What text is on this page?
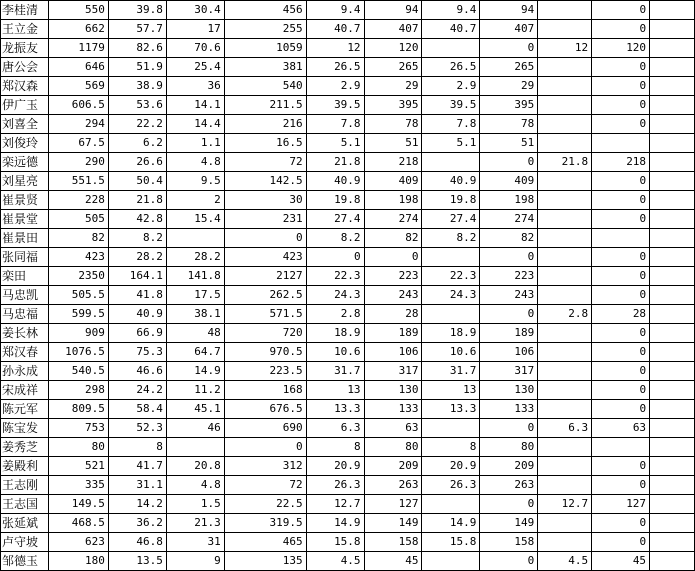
李桂清	550	39.8	30.4	456	9.4	94	9.4	94		0	
王立金	662	57.7	17	255	40.7	407	40.7	407		0	
龙振友	1179	82.6	70.6	1059	12	120		0	12	120	
唐公会	646	51.9	25.4	381	26.5	265	26.5	265		0	
郑汉森	569	38.9	36	540	2.9	29	2.9	29		0	
伊广玉	606.5	53.6	14.1	211.5	39.5	395	39.5	395		0	
刘喜全	294	22.2	14.4	216	7.8	78	7.8	78		0	
刘俊玲	67.5	6.2	1.1	16.5	5.1	51	5.1	51			
栾远德	290	26.6	4.8	72	21.8	218		0	21.8	218	
刘星亮	551.5	50.4	9.5	142.5	40.9	409	40.9	409		0	
崔景贤	228	21.8	2	30	19.8	198	19.8	198		0	
崔景堂	505	42.8	15.4	231	27.4	274	27.4	274		0	
崔景田	82	8.2		0	8.2	82	8.2	82			
张同福	423	28.2	28.2	423	0	0		0		0	
栾田	2350	164.1	141.8	2127	22.3	223	22.3	223		0	
马忠凯	505.5	41.8	17.5	262.5	24.3	243	24.3	243		0	
马忠福	599.5	40.9	38.1	571.5	2.8	28		0	2.8	28	
姜长林	909	66.9	48	720	18.9	189	18.9	189		0	
郑汉春	1076.5	75.3	64.7	970.5	10.6	106	10.6	106		0	
孙永成	540.5	46.6	14.9	223.5	31.7	317	31.7	317		0	
宋成祥	298	24.2	11.2	168	13	130	13	130		0	
陈元军	809.5	58.4	45.1	676.5	13.3	133	13.3	133		0	
陈宝发	753	52.3	46	690	6.3	63		0	6.3	63	
姜秀芝	80	8		0	8	80	8	80			
姜殿利	521	41.7	20.8	312	20.9	209	20.9	209		0	
王志刚	335	31.1	4.8	72	26.3	263	26.3	263		0	
王志国	149.5	14.2	1.5	22.5	12.7	127		0	12.7	127	
张延斌	468.5	36.2	21.3	319.5	14.9	149	14.9	149		0	
卢守坡	623	46.8	31	465	15.8	158	15.8	158		0	
邹德玉	180	13.5	9	135	4.5	45		0	4.5	45	
